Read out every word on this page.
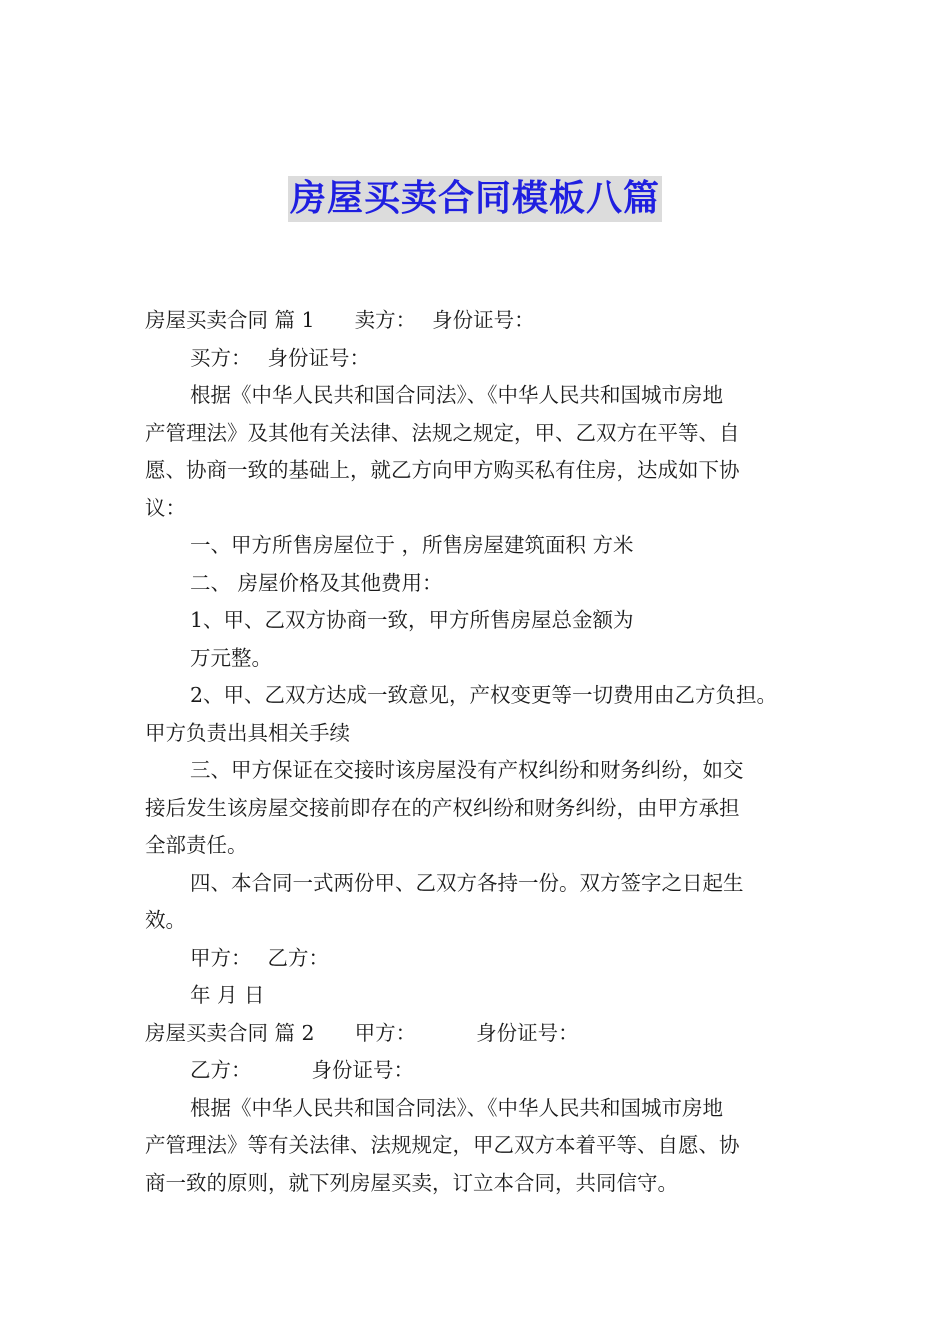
房屋买卖合同模板八篇

房屋买卖合同 篇 1 卖方： 身份证号：

买方： 身份证号：

根据《中华人民共和国合同法》、《中华人民共和国城市房地

产管理法》及其他有关法律、法规之规定，甲、乙双方在平等、自

愿、协商一致的基础上，就乙方向甲方购买私有住房，达成如下协

议：

一、甲方所售房屋位于 ，所售房屋建筑面积 方米

二、 房屋价格及其他费用：

1、甲、乙双方协商一致，甲方所售房屋总金额为

万元整。

2、甲、乙双方达成一致意见，产权变更等一切费用由乙方负担。

甲方负责出具相关手续

三、甲方保证在交接时该房屋没有产权纠纷和财务纠纷，如交

接后发生该房屋交接前即存在的产权纠纷和财务纠纷，由甲方承担

全部责任。

四、本合同一式两份甲、乙双方各持一份。双方签字之日起生

效。

甲方： 乙方：

年 月 日

房屋买卖合同 篇 2 甲方：	身份证号：

乙方：	身份证号：

根据《中华人民共和国合同法》、《中华人民共和国城市房地

产管理法》等有关法律、法规规定，甲乙双方本着平等、自愿、协

商一致的原则，就下列房屋买卖，订立本合同，共同信守。
